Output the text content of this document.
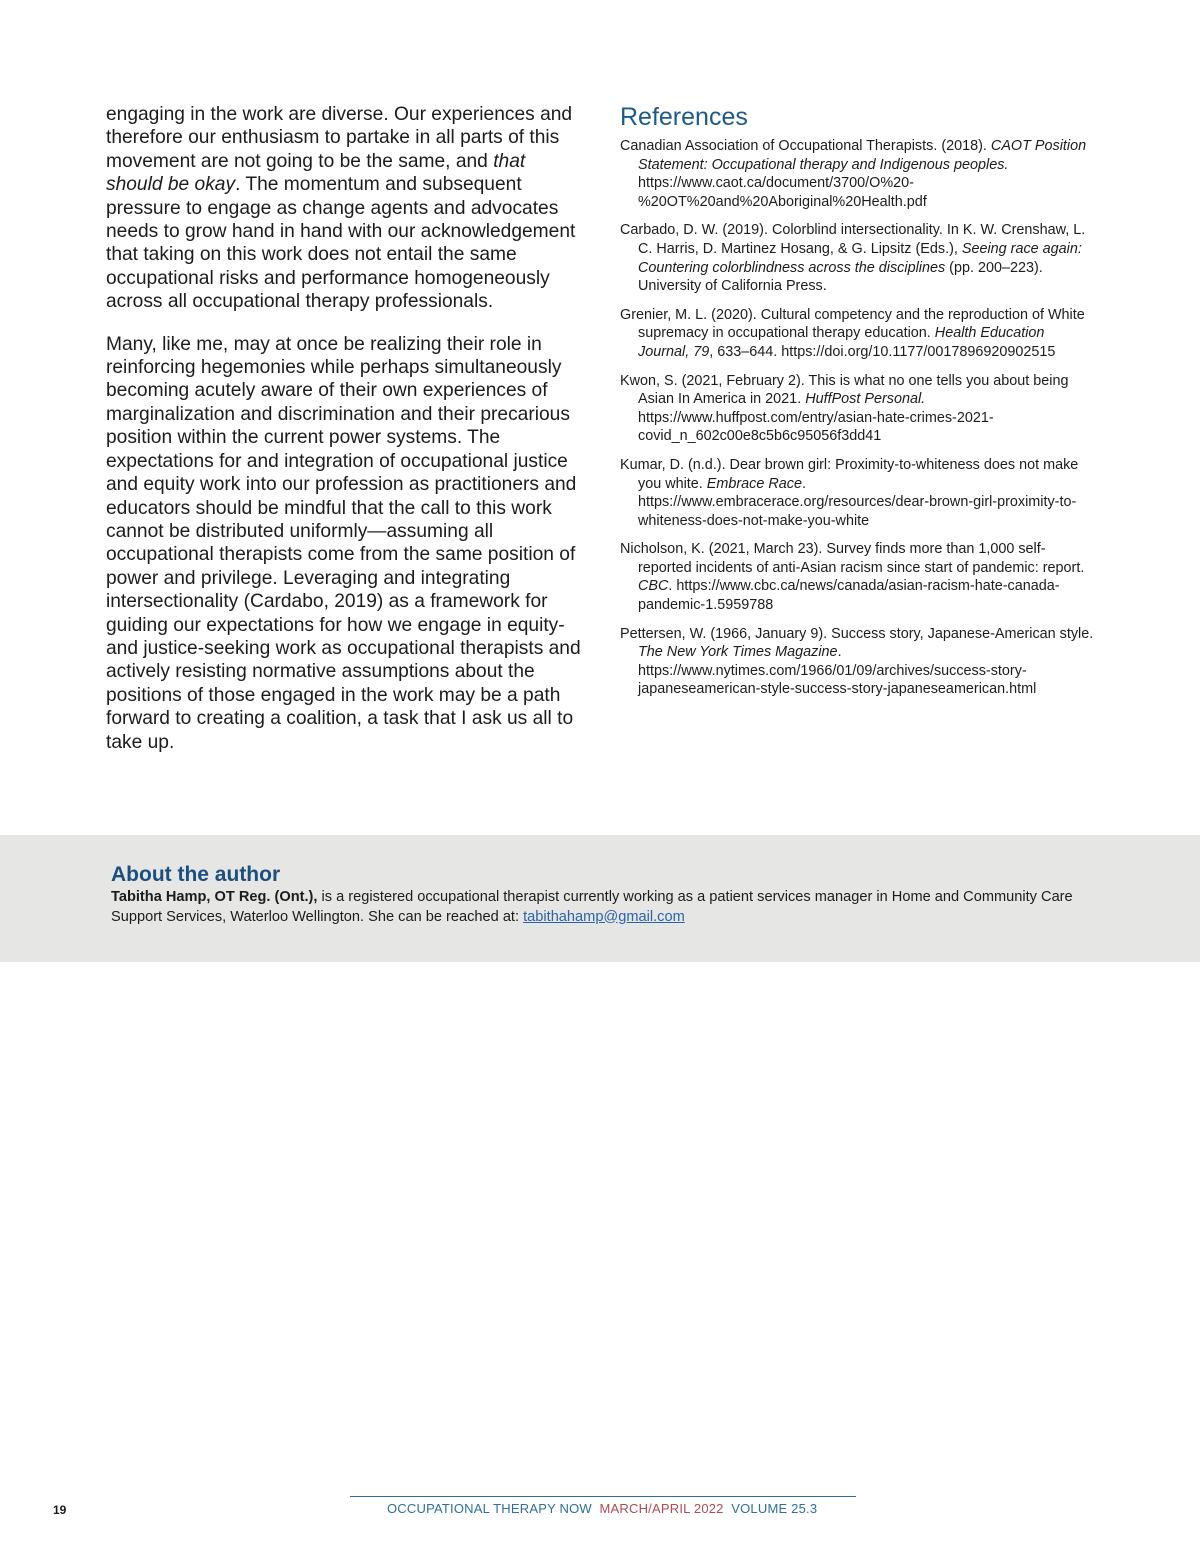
engaging in the work are diverse. Our experiences and therefore our enthusiasm to partake in all parts of this movement are not going to be the same, and that should be okay. The momentum and subsequent pressure to engage as change agents and advocates needs to grow hand in hand with our acknowledgement that taking on this work does not entail the same occupational risks and performance homogeneously across all occupational therapy professionals.

Many, like me, may at once be realizing their role in reinforcing hegemonies while perhaps simultaneously becoming acutely aware of their own experiences of marginalization and discrimination and their precarious position within the current power systems. The expectations for and integration of occupational justice and equity work into our profession as practitioners and educators should be mindful that the call to this work cannot be distributed uniformly—assuming all occupational therapists come from the same position of power and privilege. Leveraging and integrating intersectionality (Cardabo, 2019) as a framework for guiding our expectations for how we engage in equity- and justice-seeking work as occupational therapists and actively resisting normative assumptions about the positions of those engaged in the work may be a path forward to creating a coalition, a task that I ask us all to take up.

References
Canadian Association of Occupational Therapists. (2018). CAOT Position Statement: Occupational therapy and Indigenous peoples. https://www.caot.ca/document/3700/O%20-%20OT%20and%20Aboriginal%20Health.pdf
Carbado, D. W. (2019). Colorblind intersectionality. In K. W. Crenshaw, L. C. Harris, D. Martinez Hosang, & G. Lipsitz (Eds.), Seeing race again: Countering colorblindness across the disciplines (pp. 200–223). University of California Press.
Grenier, M. L. (2020). Cultural competency and the reproduction of White supremacy in occupational therapy education. Health Education Journal, 79, 633–644. https://doi.org/10.1177/0017896920902515
Kwon, S. (2021, February 2). This is what no one tells you about being Asian In America in 2021. HuffPost Personal. https://www.huffpost.com/entry/asian-hate-crimes-2021-covid_n_602c00e8c5b6c95056f3dd41
Kumar, D. (n.d.). Dear brown girl: Proximity-to-whiteness does not make you white. Embrace Race. https://www.embracerace.org/resources/dear-brown-girl-proximity-to-whiteness-does-not-make-you-white
Nicholson, K. (2021, March 23). Survey finds more than 1,000 self-reported incidents of anti-Asian racism since start of pandemic: report. CBC. https://www.cbc.ca/news/canada/asian-racism-hate-canada-pandemic-1.5959788
Pettersen, W. (1966, January 9). Success story, Japanese-American style. The New York Times Magazine. https://www.nytimes.com/1966/01/09/archives/success-story-japaneseamerican-style-success-story-japaneseamerican.html
About the author

Tabitha Hamp, OT Reg. (Ont.), is a registered occupational therapist currently working as a patient services manager in Home and Community Care Support Services, Waterloo Wellington. She can be reached at: tabithahamp@gmail.com

19	OCCUPATIONAL THERAPY NOW MARCH/APRIL 2022 VOLUME 25.3
